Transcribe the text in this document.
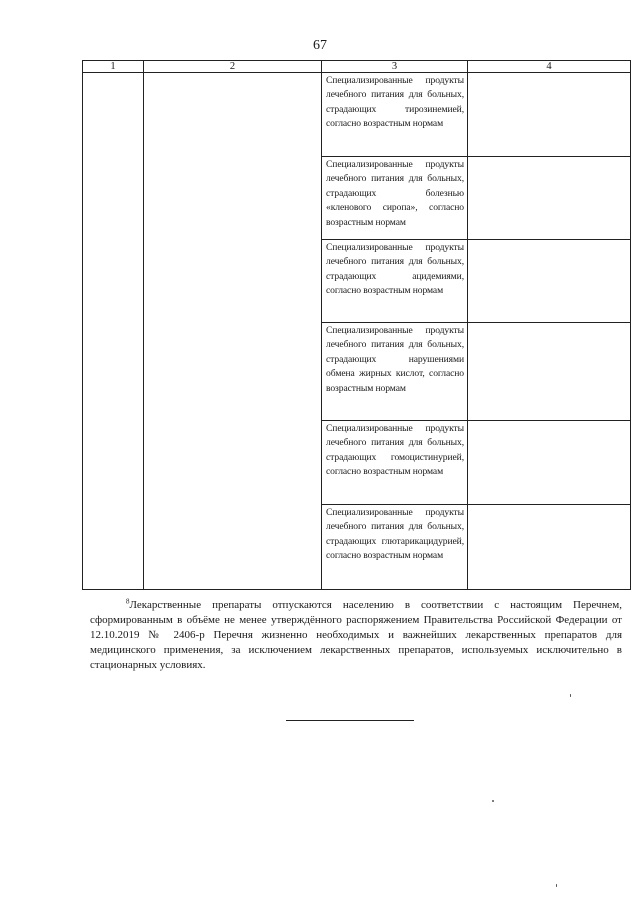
67
1	2	3	4

		Специализированные продукты лечебного питания для больных, страдающих тирозинемией, согласно возрастным нормам	

		Специализированные продукты лечебного питания для больных, страдающих болезнью «кленового сиропа», согласно возрастным нормам	

		Специализированные продукты лечебного питания для больных, страдающих ацидемиями, согласно возрастным нормам	

		Специализированные продукты лечебного питания для больных, страдающих нарушениями обмена жирных кислот, согласно возрастным нормам	

		Специализированные продукты лечебного питания для больных, страдающих гомоцистинурией, согласно возрастным нормам	

		Специализированные продукты лечебного питания для больных, страдающих глютарикацидурией, согласно возрастным нормам	

$^8$Лекарственные препараты отпускаются населению в соответствии с настоящим Перечнем, сформированным в объёме не менее утверждённого распоряжением Правительства Российской Федерации от 12.10.2019 № 2406-р Перечня жизненно необходимых и важнейших лекарственных препаратов для медицинского применения, за исключением лекарственных препаратов, используемых исключительно в стационарных условиях.
